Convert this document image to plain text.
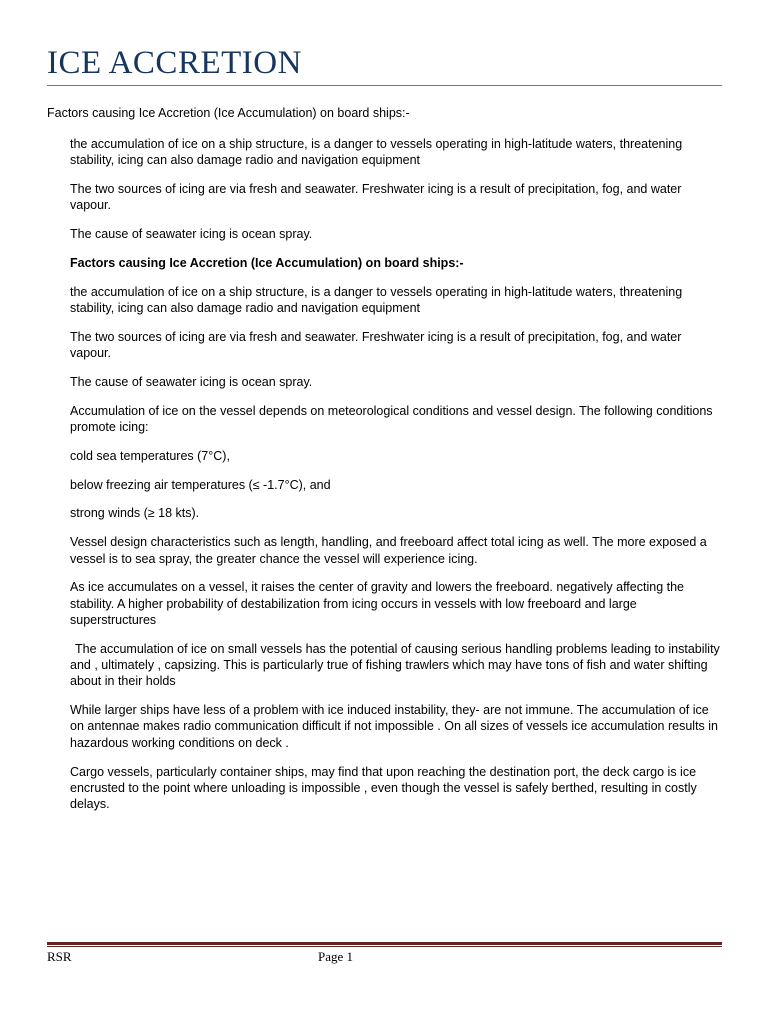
ICE ACCRETION

Factors causing Ice Accretion (Ice Accumulation) on board ships:-

the accumulation of ice on a ship structure, is a danger to vessels operating in high-latitude waters, threatening stability, icing can also damage radio and navigation equipment

The two sources of icing are via fresh and seawater. Freshwater icing is a result of precipitation, fog, and water vapour.

The cause of seawater icing is ocean spray.

Factors causing Ice Accretion (Ice Accumulation) on board ships:-

the accumulation of ice on a ship structure, is a danger to vessels operating in high-latitude waters, threatening stability, icing can also damage radio and navigation equipment

The two sources of icing are via fresh and seawater. Freshwater icing is a result of precipitation, fog, and water vapour.

The cause of seawater icing is ocean spray.

Accumulation of ice on the vessel depends on meteorological conditions and vessel design. The following conditions promote icing:

cold sea temperatures (7°C),

below freezing air temperatures (≤ -1.7°C), and

strong winds (≥ 18 kts).

Vessel design characteristics such as length, handling, and freeboard affect total icing as well. The more exposed a vessel is to sea spray, the greater chance the vessel will experience icing.

As ice accumulates on a vessel, it raises the center of gravity and lowers the freeboard. negatively affecting the stability. A higher probability of destabilization from icing occurs in vessels with low freeboard and large superstructures

The accumulation of ice on small vessels has the potential of causing serious handling problems leading to instability and , ultimately , capsizing. This is particularly true of fishing trawlers which may have tons of fish and water shifting about in their holds

While larger ships have less of a problem with ice induced instability, they- are not immune. The accumulation of ice on antennae makes radio communication difficult if not impossible . On all sizes of vessels ice accumulation results in hazardous working conditions on deck .

Cargo vessels, particularly container ships, may find that upon reaching the destination port, the deck cargo is ice encrusted to the point where unloading is impossible , even though the vessel is safely berthed, resulting in costly delays.

RSR	Page 1
